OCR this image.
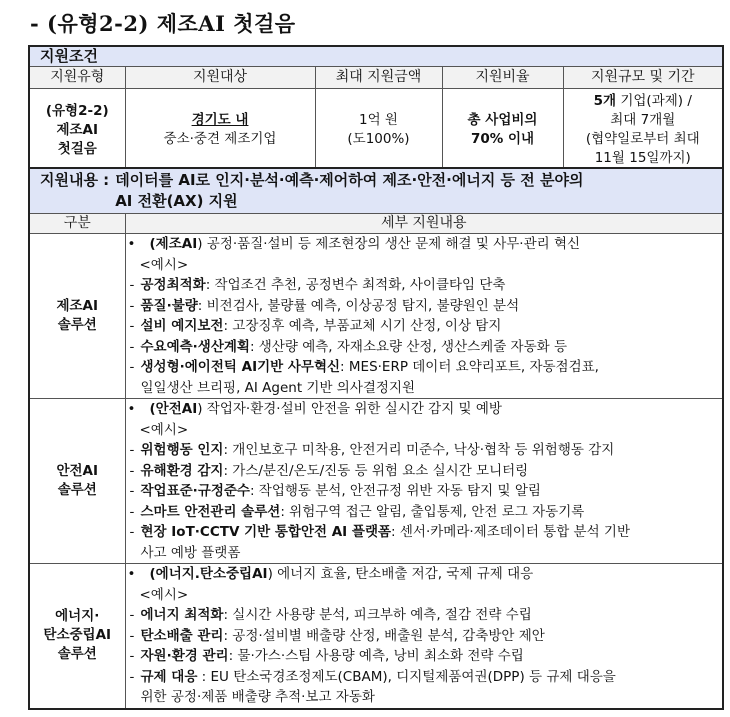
- (유형2-2) 제조AI 첫걸음
지원조건				
지원유형	지원대상	최대 지원금액	지원비율	지원규모 및 기간

(유형2-2)
제조AI
첫걸음

경기도 내
중소·중견 제조기업

1억 원
(도100%)

총 사업비의
70% 이내

5개 기업(과제) /
최대 7개월
(협약일로부터 최대
11월 15일까지)
지원내용 : 데이터를 AI로 인지·분석·예측·제어하여 제조·안전·에너지 등 전 분야의 AI 전환(AX) 지원	

구분	세부 지원내용

제조AI
솔루션

• (제조AI) 공정·품질·설비 등 제조현장의 생산 문제 해결 및 사무·관리 혁신
<예시>
- 공정최적화: 작업조건 추천, 공정변수 최적화, 사이클타임 단축
- 품질·불량: 비전검사, 불량률 예측, 이상공정 탐지, 불량원인 분석
- 설비 예지보전: 고장징후 예측, 부품교체 시기 산정, 이상 탐지
- 수요예측·생산계획: 생산량 예측, 자재소요량 산정, 생산스케줄 자동화 등
- 생성형·에이전틱 AI기반 사무혁신: MES·ERP 데이터 요약리포트, 자동점검표,
일일생산 브리핑, AI Agent 기반 의사결정지원

안전AI
솔루션

• (안전AI) 작업자·환경·설비 안전을 위한 실시간 감지 및 예방
<예시>
- 위험행동 인지: 개인보호구 미착용, 안전거리 미준수, 낙상·협착 등 위험행동 감지
- 유해환경 감지: 가스/분진/온도/진동 등 위험 요소 실시간 모니터링
- 작업표준·규정준수: 작업행동 분석, 안전규정 위반 자동 탐지 및 알림
- 스마트 안전관리 솔루션: 위험구역 접근 알림, 출입통제, 안전 로그 자동기록
- 현장 IoT·CCTV 기반 통합안전 AI 플랫폼: 센서·카메라·제조데이터 통합 분석 기반
사고 예방 플랫폼

에너지·
탄소중립AI
솔루션

• (에너지.탄소중립AI) 에너지 효율, 탄소배출 저감, 국제 규제 대응
<예시>
- 에너지 최적화: 실시간 사용량 분석, 피크부하 예측, 절감 전략 수립
- 탄소배출 관리: 공정·설비별 배출량 산정, 배출원 분석, 감축방안 제안
- 자원·환경 관리: 물·가스·스팀 사용량 예측, 낭비 최소화 전략 수립
- 규제 대응 : EU 탄소국경조정제도(CBAM), 디지털제품여권(DPP) 등 규제 대응을
위한 공정·제품 배출량 추적·보고 자동화
